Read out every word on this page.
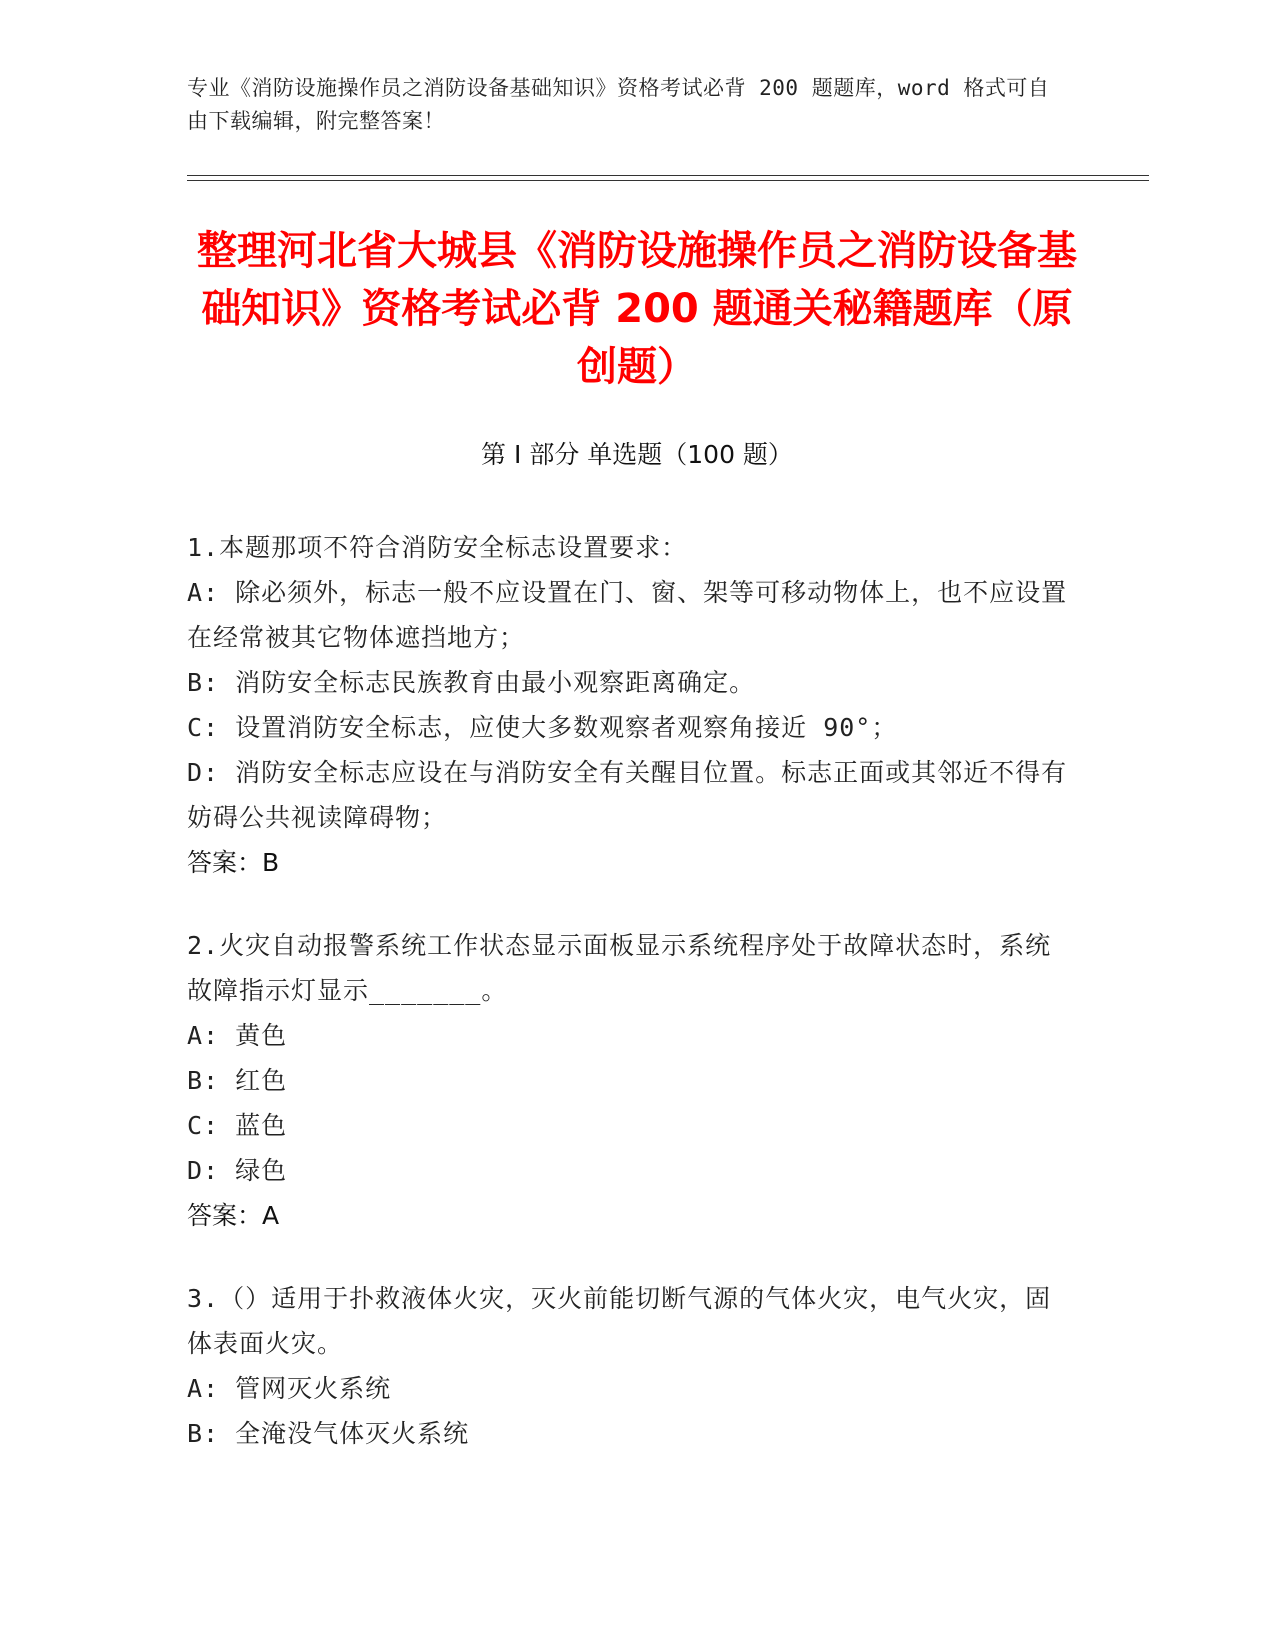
专业《消防设施操作员之消防设备基础知识》资格考试必背 200 题题库，word 格式可自由下载编辑，附完整答案！
整理河北省大城县《消防设施操作员之消防设备基础知识》资格考试必背 200 题通关秘籍题库（原创题）
第 I 部分 单选题（100 题）

1.本题那项不符合消防安全标志设置要求：

A: 除必须外，标志一般不应设置在门、窗、架等可移动物体上，也不应设置在经常被其它物体遮挡地方；

B: 消防安全标志民族教育由最小观察距离确定。

C: 设置消防安全标志，应使大多数观察者观察角接近 90°；

D: 消防安全标志应设在与消防安全有关醒目位置。标志正面或其邻近不得有妨碍公共视读障碍物；

答案：B

2.火灾自动报警系统工作状态显示面板显示系统程序处于故障状态时，系统故障指示灯显示_______。

A: 黄色

B: 红色

C: 蓝色

D: 绿色

答案：A

3.（）适用于扑救液体火灾，灭火前能切断气源的气体火灾，电气火灾，固体表面火灾。

A: 管网灭火系统

B: 全淹没气体灭火系统
